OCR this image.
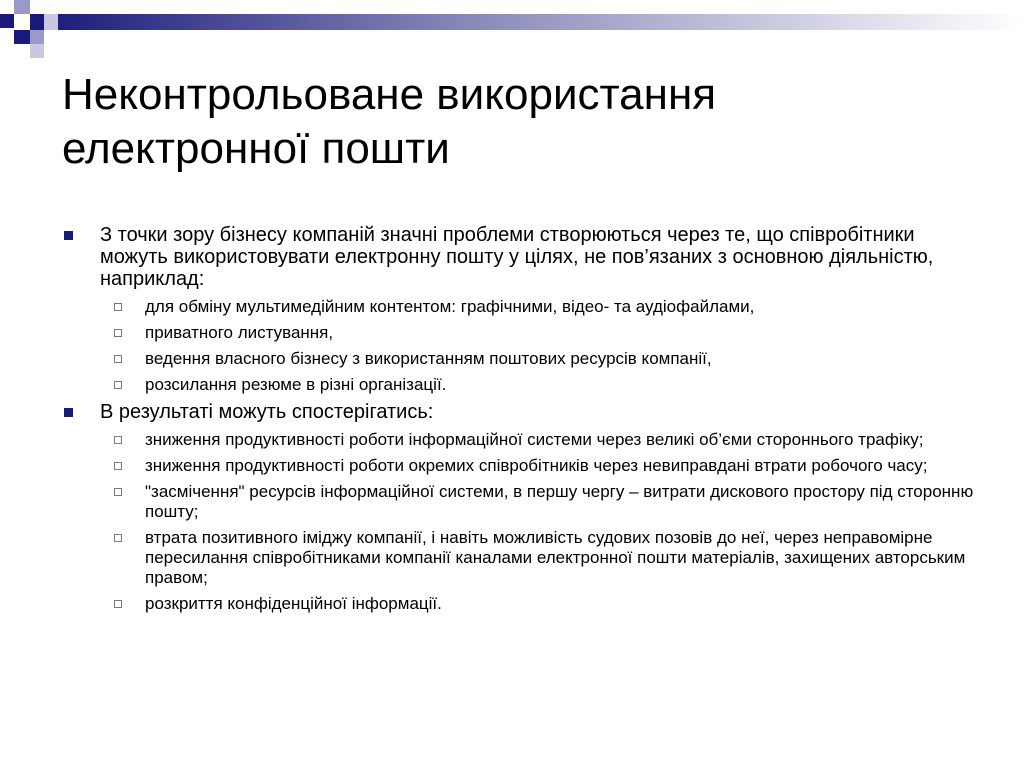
Неконтрольоване використання
електронної пошти
З точки зору бізнесу компаній значні проблеми створюються через те, що співробітники можуть використовувати електронну пошту у цілях, не пов’язаних з основною діяльністю, наприклад:
для обміну мультимедійним контентом: графічними, відео- та аудіофайлами,
приватного листування,
ведення власного бізнесу з використанням поштових ресурсів компанії,
розсилання резюме в різні організації.
В результаті можуть спостерігатись:
зниження продуктивності роботи інформаційної системи через великі об’єми стороннього трафіку;
зниження продуктивності роботи окремих співробітників через невиправдані втрати робочого часу;
"засмічення" ресурсів інформаційної системи, в першу чергу – витрати дискового простору під сторонню пошту;
втрата позитивного іміджу компанії, і навіть можливість судових позовів до неї, через неправомірне пересилання співробітниками компанії каналами електронної пошти матеріалів, захищених авторським правом;
розкриття конфіденційної інформації.
